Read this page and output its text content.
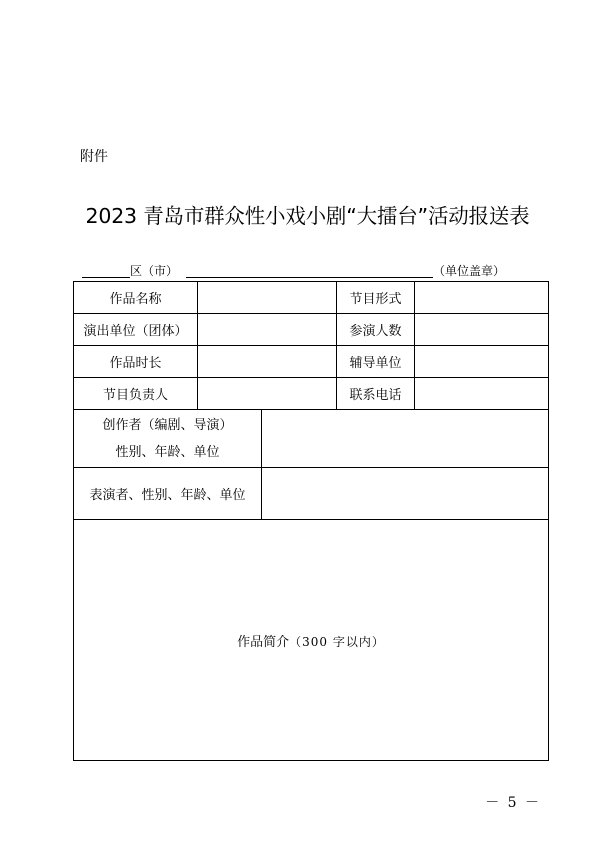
附件
2023 青岛市群众性小戏小剧“大擂台”活动报送表
区（市）	（单位盖章）
作品名称			节目形式	
演出单位（团体）			参演人数	
作品时长			辅导单位	
节目负责人			联系电话	

创作者（编剧、导演）
性别、年龄、单位				

表演者、性别、年龄、单位				
作品简介（300 字以内）				
－ 5 －
